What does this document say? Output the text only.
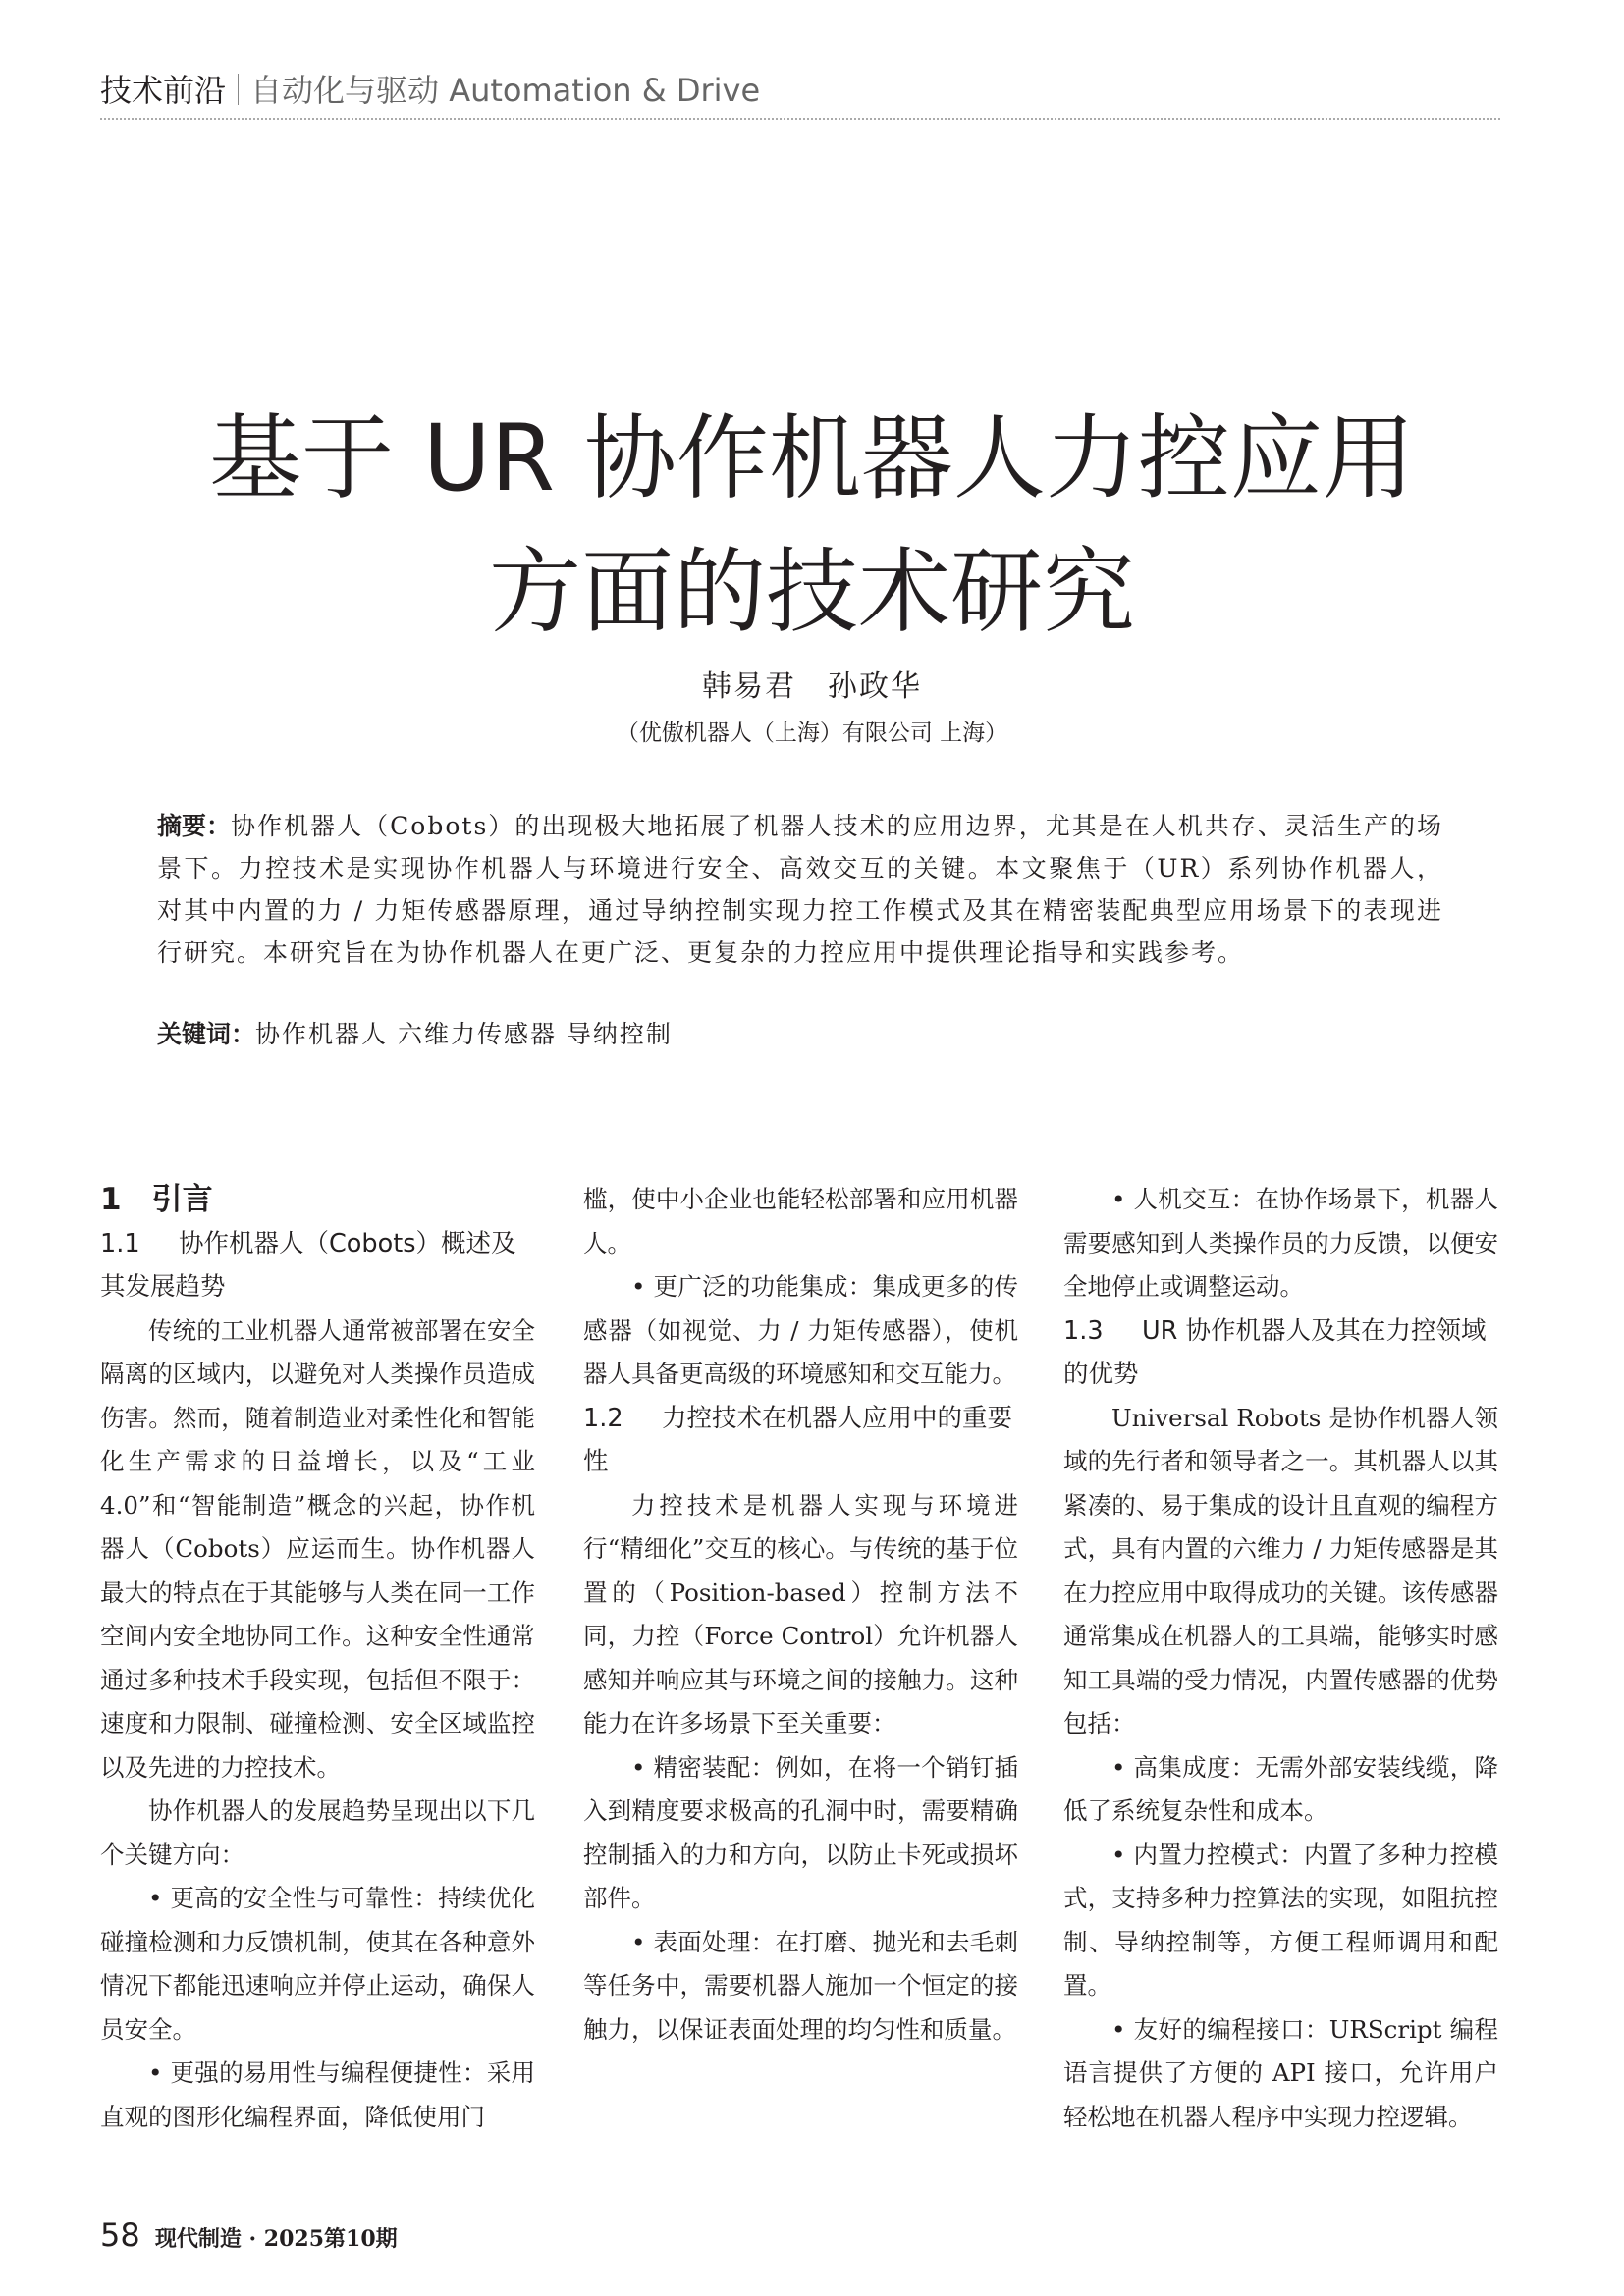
技术前沿 自动化与驱动 Automation & Drive
基于 UR 协作机器人力控应用
方面的技术研究
韩易君　孙政华
（优傲机器人（上海）有限公司 上海）
摘要：协作机器人（Cobots）的出现极大地拓展了机器人技术的应用边界，尤其是在人机共存、灵活生产的场景下。力控技术是实现协作机器人与环境进行安全、高效交互的关键。本文聚焦于（UR）系列协作机器人，对其中内置的力 / 力矩传感器原理，通过导纳控制实现力控工作模式及其在精密装配典型应用场景下的表现进行研究。本研究旨在为协作机器人在更广泛、更复杂的力控应用中提供理论指导和实践参考。
关键词：协作机器人 六维力传感器 导纳控制
1　引言
1.1 协作机器人（Cobots）概述及其发展趋势

传统的工业机器人通常被部署在安全隔离的区域内，以避免对人类操作员造成伤害。然而，随着制造业对柔性化和智能化生产需求的日益增长，以及“工业 4.0”和“智能制造”概念的兴起，协作机器人（Cobots）应运而生。协作机器人最大的特点在于其能够与人类在同一工作空间内安全地协同工作。这种安全性通常通过多种技术手段实现，包括但不限于：速度和力限制、碰撞检测、安全区域监控以及先进的力控技术。

协作机器人的发展趋势呈现出以下几个关键方向：

• 更高的安全性与可靠性：持续优化碰撞检测和力反馈机制，使其在各种意外情况下都能迅速响应并停止运动，确保人员安全。

• 更强的易用性与编程便捷性：采用直观的图形化编程界面，降低使用门

槛，使中小企业也能轻松部署和应用机器人。

• 更广泛的功能集成：集成更多的传感器（如视觉、力 / 力矩传感器），使机器人具备更高级的环境感知和交互能力。

1.2 力控技术在机器人应用中的重要性

力控技术是机器人实现与环境进行“精细化”交互的核心。与传统的基于位置的（Position-based）控制方法不同，力控（Force Control）允许机器人感知并响应其与环境之间的接触力。这种能力在许多场景下至关重要：

• 精密装配：例如，在将一个销钉插入到精度要求极高的孔洞中时，需要精确控制插入的力和方向，以防止卡死或损坏部件。

• 表面处理：在打磨、抛光和去毛刺等任务中，需要机器人施加一个恒定的接触力，以保证表面处理的均匀性和质量。

• 人机交互：在协作场景下，机器人需要感知到人类操作员的力反馈，以便安全地停止或调整运动。

1.3 UR 协作机器人及其在力控领域的优势

Universal Robots 是协作机器人领域的先行者和领导者之一。其机器人以其紧凑的、易于集成的设计且直观的编程方式，具有内置的六维力 / 力矩传感器是其在力控应用中取得成功的关键。该传感器通常集成在机器人的工具端，能够实时感知工具端的受力情况，内置传感器的优势包括：

• 高集成度：无需外部安装线缆，降低了系统复杂性和成本。

• 内置力控模式：内置了多种力控模式，支持多种力控算法的实现，如阻抗控制、导纳控制等，方便工程师调用和配置。

• 友好的编程接口：URScript 编程语言提供了方便的 API 接口，允许用户轻松地在机器人程序中实现力控逻辑。

58 现代制造 · 2025第10期
